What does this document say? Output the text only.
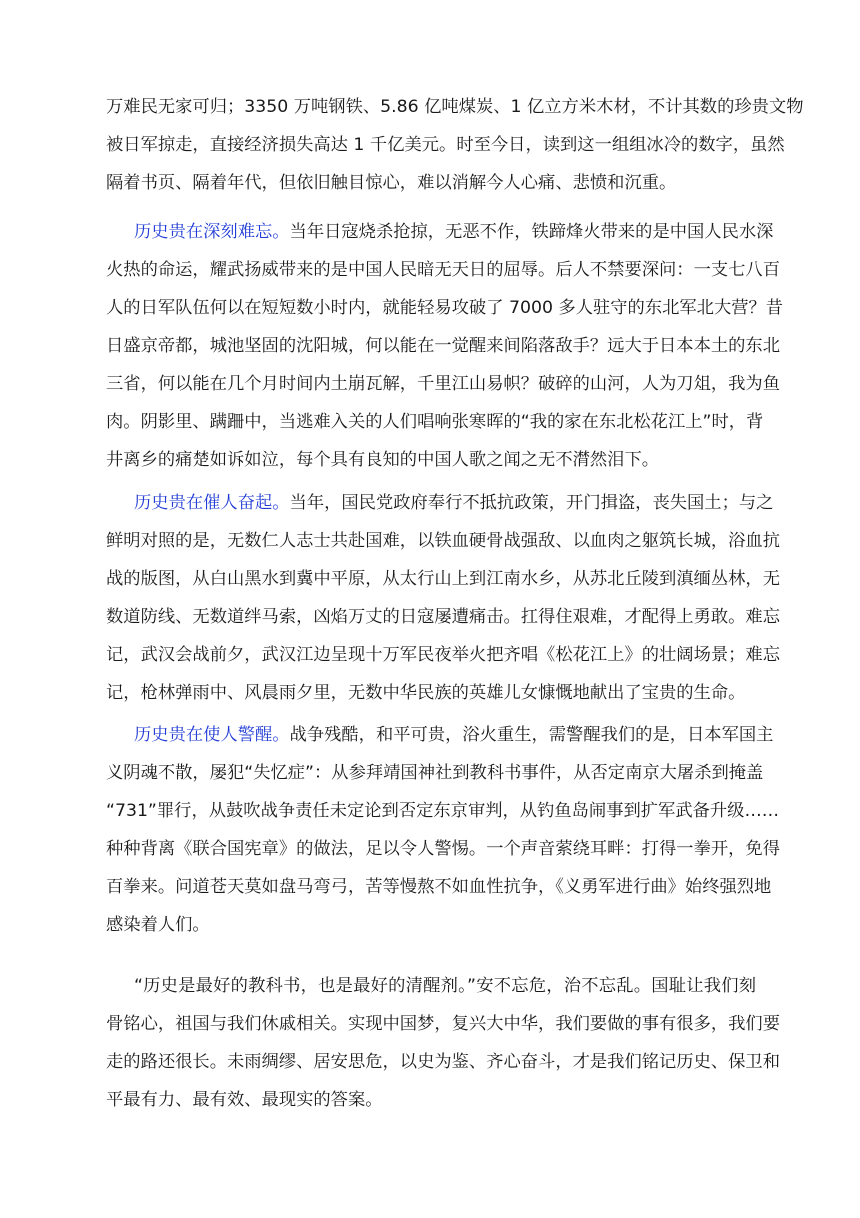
万难民无家可归；3350 万吨钢铁、5.86 亿吨煤炭、1 亿立方米木材，不计其数的珍贵文物
被日军掠走，直接经济损失高达 1 千亿美元。时至今日，读到这一组组冰冷的数字，虽然
隔着书页、隔着年代，但依旧触目惊心，难以消解今人心痛、悲愤和沉重。
历史贵在深刻难忘。当年日寇烧杀抢掠，无恶不作，铁蹄烽火带来的是中国人民水深
火热的命运，耀武扬威带来的是中国人民暗无天日的屈辱。后人不禁要深问：一支七八百
人的日军队伍何以在短短数小时内，就能轻易攻破了 7000 多人驻守的东北军北大营？昔
日盛京帝都，城池坚固的沈阳城，何以能在一觉醒来间陷落敌手？远大于日本本土的东北
三省，何以能在几个月时间内土崩瓦解，千里江山易帜？破碎的山河，人为刀俎，我为鱼
肉。阴影里、蹒跚中，当逃难入关的人们唱响张寒晖的“我的家在东北松花江上”时，背
井离乡的痛楚如诉如泣，每个具有良知的中国人歌之闻之无不潸然泪下。
历史贵在催人奋起。当年，国民党政府奉行不抵抗政策，开门揖盗，丧失国土；与之
鲜明对照的是，无数仁人志士共赴国难，以铁血硬骨战强敌、以血肉之躯筑长城，浴血抗
战的版图，从白山黑水到冀中平原，从太行山上到江南水乡，从苏北丘陵到滇缅丛林，无
数道防线、无数道绊马索，凶焰万丈的日寇屡遭痛击。扛得住艰难，才配得上勇敢。难忘
记，武汉会战前夕，武汉江边呈现十万军民夜举火把齐唱《松花江上》的壮阔场景；难忘
记，枪林弹雨中、风晨雨夕里，无数中华民族的英雄儿女慷慨地献出了宝贵的生命。
历史贵在使人警醒。战争残酷，和平可贵，浴火重生，需警醒我们的是，日本军国主
义阴魂不散，屡犯“失忆症”：从参拜靖国神社到教科书事件，从否定南京大屠杀到掩盖
“731”罪行，从鼓吹战争责任未定论到否定东京审判，从钓鱼岛闹事到扩军武备升级……
种种背离《联合国宪章》的做法，足以令人警惕。一个声音萦绕耳畔：打得一拳开，免得
百拳来。问道苍天莫如盘马弯弓，苦等慢熬不如血性抗争，《义勇军进行曲》始终强烈地
感染着人们。
“历史是最好的教科书，也是最好的清醒剂。”安不忘危，治不忘乱。国耻让我们刻
骨铭心，祖国与我们休戚相关。实现中国梦，复兴大中华，我们要做的事有很多，我们要
走的路还很长。未雨绸缪、居安思危，以史为鉴、齐心奋斗，才是我们铭记历史、保卫和
平最有力、最有效、最现实的答案。
